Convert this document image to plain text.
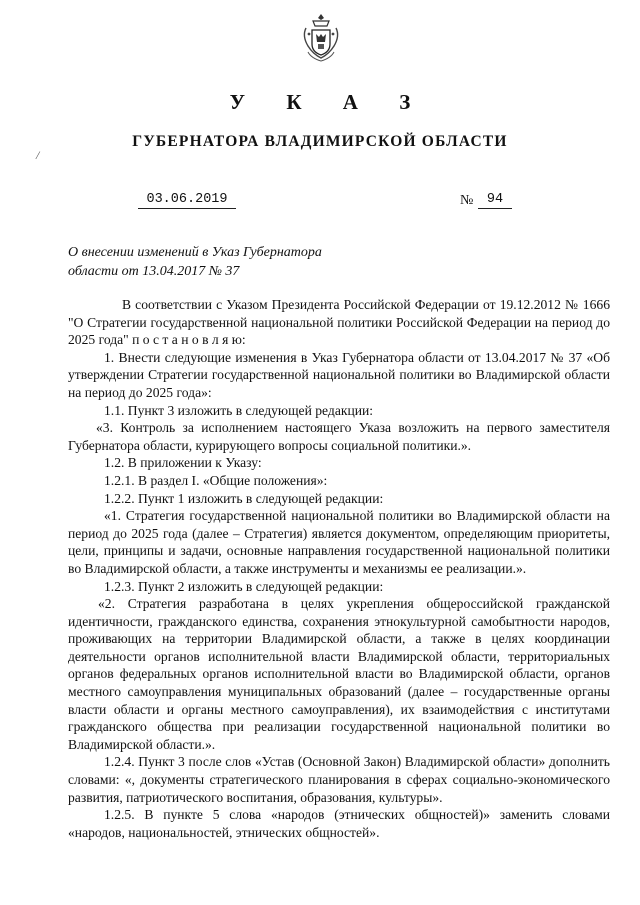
У К А З
ГУБЕРНАТОРА ВЛАДИМИРСКОЙ ОБЛАСТИ
/
03.06.2019	№	94
О внесении изменений в Указ Губернатора
области от 13.04.2017 № 37

В соответствии с Указом Президента Российской Федерации от 19.12.2012 № 1666 "О Стратегии государственной национальной политики Российской Федерации на период до 2025 года" п о с т а н о в л я ю:

1. Внести следующие изменения в Указ Губернатора области от 13.04.2017 № 37 «Об утверждении Стратегии государственной национальной политики во Владимирской области на период до 2025 года»:

1.1. Пункт 3 изложить в следующей редакции:

«3. Контроль за исполнением настоящего Указа возложить на первого заместителя Губернатора области, курирующего вопросы социальной политики.».

1.2. В приложении к Указу:

1.2.1. В раздел I. «Общие положения»:

1.2.2. Пункт 1 изложить в следующей редакции:

«1. Стратегия государственной национальной политики во Владимирской области на период до 2025 года (далее – Стратегия) является документом, определяющим приоритеты, цели, принципы и задачи, основные направления государственной национальной политики во Владимирской области, а также инструменты и механизмы ее реализации.».

1.2.3. Пункт 2 изложить в следующей редакции:

«2. Стратегия разработана в целях укрепления общероссийской гражданской идентичности, гражданского единства, сохранения этнокультурной самобытности народов, проживающих на территории Владимирской области, а также в целях координации деятельности органов исполнительной власти Владимирской области, территориальных органов федеральных органов исполнительной власти во Владимирской области, органов местного самоуправления муниципальных образований (далее – государственные органы власти области и органы местного самоуправления), их взаимодействия с институтами гражданского общества при реализации государственной национальной политики во Владимирской области.».

1.2.4. Пункт 3 после слов «Устав (Основной Закон) Владимирской области» дополнить словами: «, документы стратегического планирования в сферах социально-экономического развития, патриотического воспитания, образования, культуры».

1.2.5. В пункте 5 слова «народов (этнических общностей)» заменить словами «народов, национальностей, этнических общностей».
